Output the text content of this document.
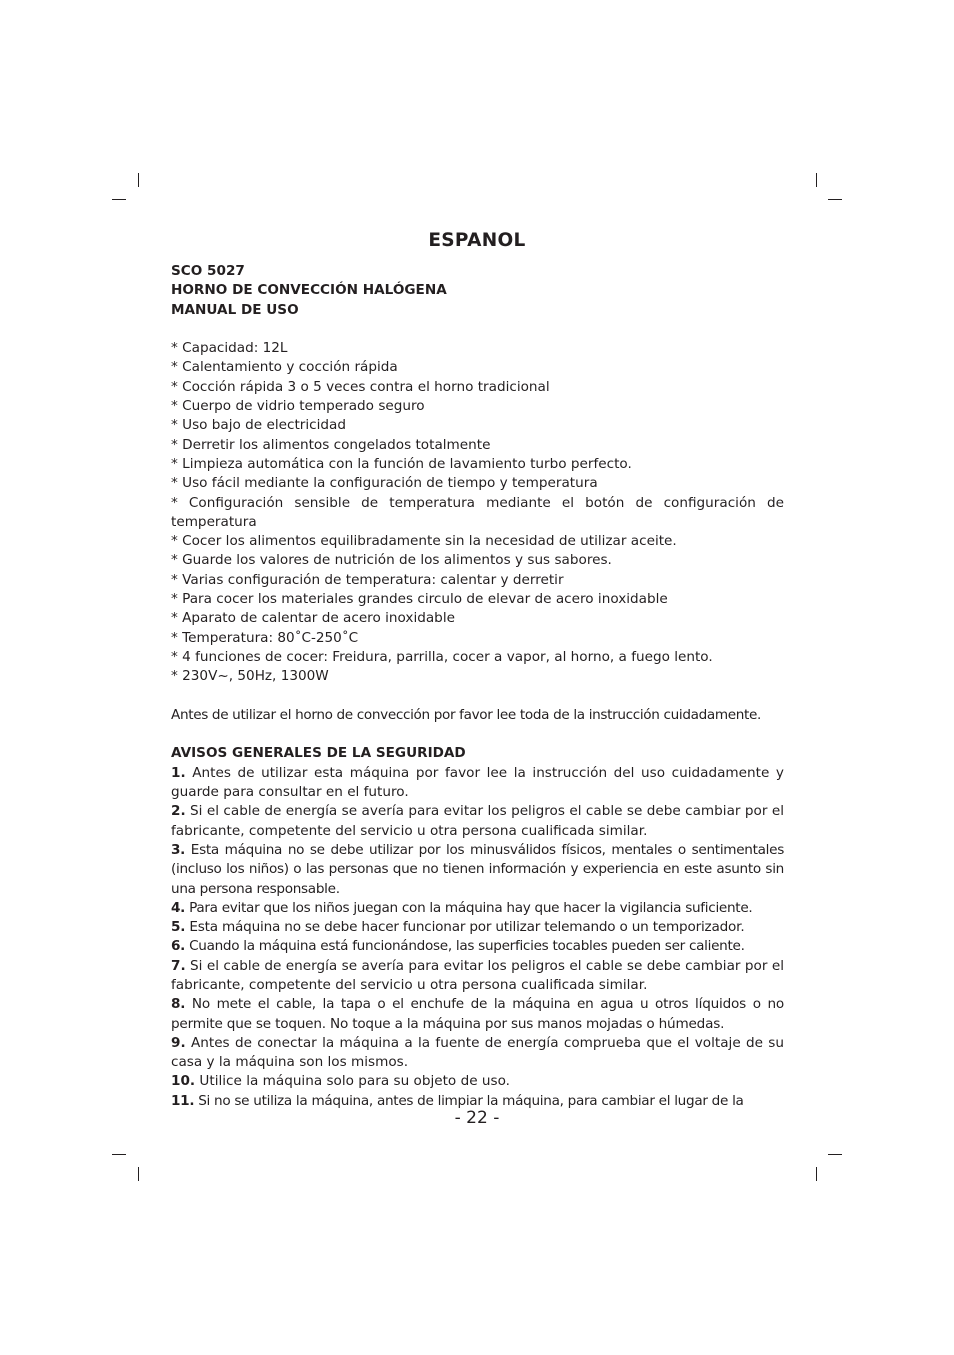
ESPANOL
SCO 5027
HORNO DE CONVECCIÓN HALÓGENA
MANUAL DE USO
* Capacidad: 12L
* Calentamiento y cocción rápida
* Cocción rápida 3 o 5 veces contra el horno tradicional
* Cuerpo de vidrio temperado seguro
* Uso bajo de electricidad
* Derretir los alimentos congelados totalmente
* Limpieza automática con la función de lavamiento turbo perfecto.
* Uso fácil mediante la configuración de tiempo y temperatura
* Configuración sensible de temperatura mediante el botón de configuración de temperatura
* Cocer los alimentos equilibradamente sin la necesidad de utilizar aceite.
* Guarde los valores de nutrición de los alimentos y sus sabores.
* Varias configuración de temperatura: calentar y derretir
* Para cocer los materiales grandes circulo de elevar de acero inoxidable
* Aparato de calentar de acero inoxidable
* Temperatura: 80˚C-250˚C
* 4 funciones de cocer: Freidura, parrilla, cocer a vapor, al horno, a fuego lento.
* 230V~, 50Hz, 1300W
Antes de utilizar el horno de convección por favor lee toda de la instrucción cuidadamente.
AVISOS GENERALES DE LA SEGURIDAD
1. Antes de utilizar esta máquina por favor lee la instrucción del uso cuidadamente y guarde para consultar en el futuro.
2. Si el cable de energía se avería para evitar los peligros el cable se debe cambiar por el fabricante, competente del servicio u otra persona cualificada similar.
3. Esta máquina no se debe utilizar por los minusválidos físicos, mentales o sentimentales (incluso los niños) o las personas que no tienen información y experiencia en este asunto sin una persona responsable.
4. Para evitar que los niños juegan con la máquina hay que hacer la vigilancia suficiente.
5. Esta máquina no se debe hacer funcionar por utilizar telemando o un temporizador.
6. Cuando la máquina está funcionándose, las superficies tocables pueden ser caliente.
7. Si el cable de energía se avería para evitar los peligros el cable se debe cambiar por el fabricante, competente del servicio u otra persona cualificada similar.
8. No mete el cable, la tapa o el enchufe de la máquina en agua u otros líquidos o no permite que se toquen. No toque a la máquina por sus manos mojadas o húmedas.
9. Antes de conectar la máquina a la fuente de energía comprueba que el voltaje de su casa y la máquina son los mismos.
10. Utilice la máquina solo para su objeto de uso.
11. Si no se utiliza la máquina, antes de limpiar la máquina, para cambiar el lugar de la
- 22 -
